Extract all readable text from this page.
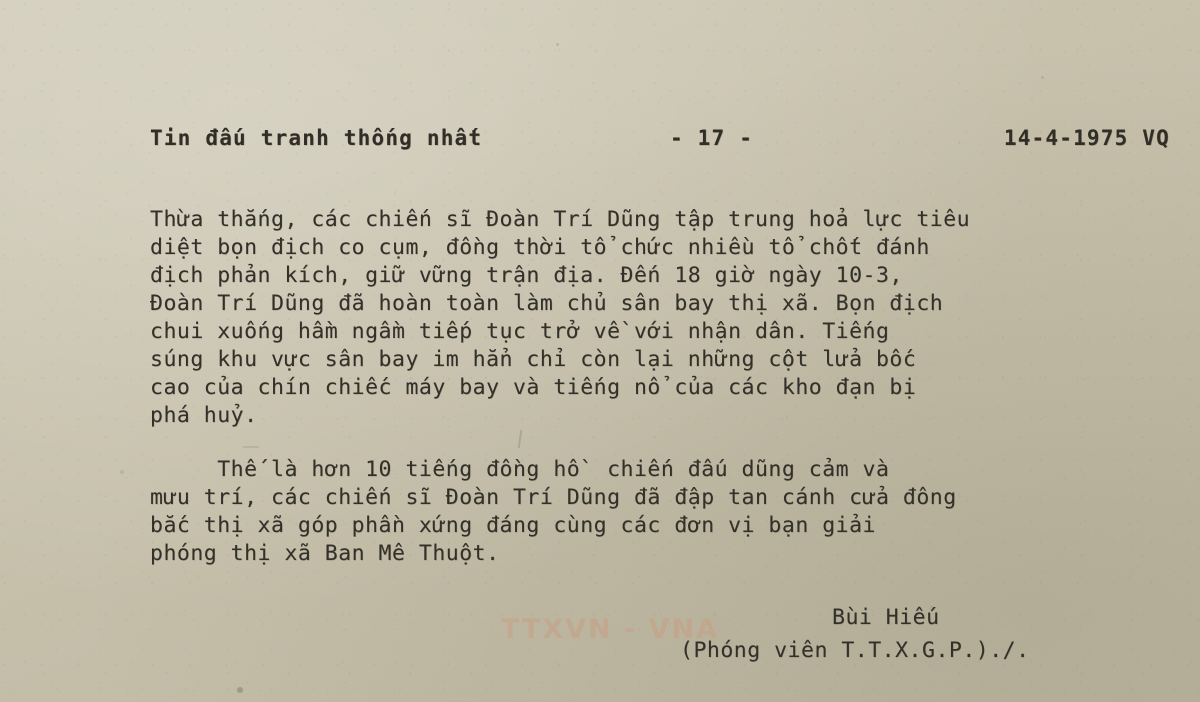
Tin đấu tranh thống nhất	- 17 -	14-4-1975 VQ
Thừa thắng, các chiến sĩ Đoàn Trí Dũng tập trung hoả lực tiêu
diệt bọn địch co cụm, đồng thời tổ chức nhiều tổ chốt đánh
địch phản kích, giữ vững trận địa. Đến 18 giờ ngày 10-3,
Đoàn Trí Dũng đã hoàn toàn làm chủ sân bay thị xã. Bọn địch
chui xuống hầm ngầm tiếp tục trở về với nhận dân. Tiếng
súng khu vực sân bay im hẳn chỉ còn lại những cột lửa bốc
cao của chín chiếc máy bay và tiếng nổ của các kho đạn bị
phá huỷ.
Thế là hơn 10 tiếng đồng hồ  chiến đấu dũng cảm và
mưu trí, các chiến sĩ Đoàn Trí Dũng đã đập tan cánh cửa đông
bắc thị xã góp phần xứng đáng cùng các đơn vị bạn giải
phóng thị xã Ban Mê Thuột.
Bùi Hiếu
(Phóng viên T.T.X.G.P.)./.
TTXVN - VNA
